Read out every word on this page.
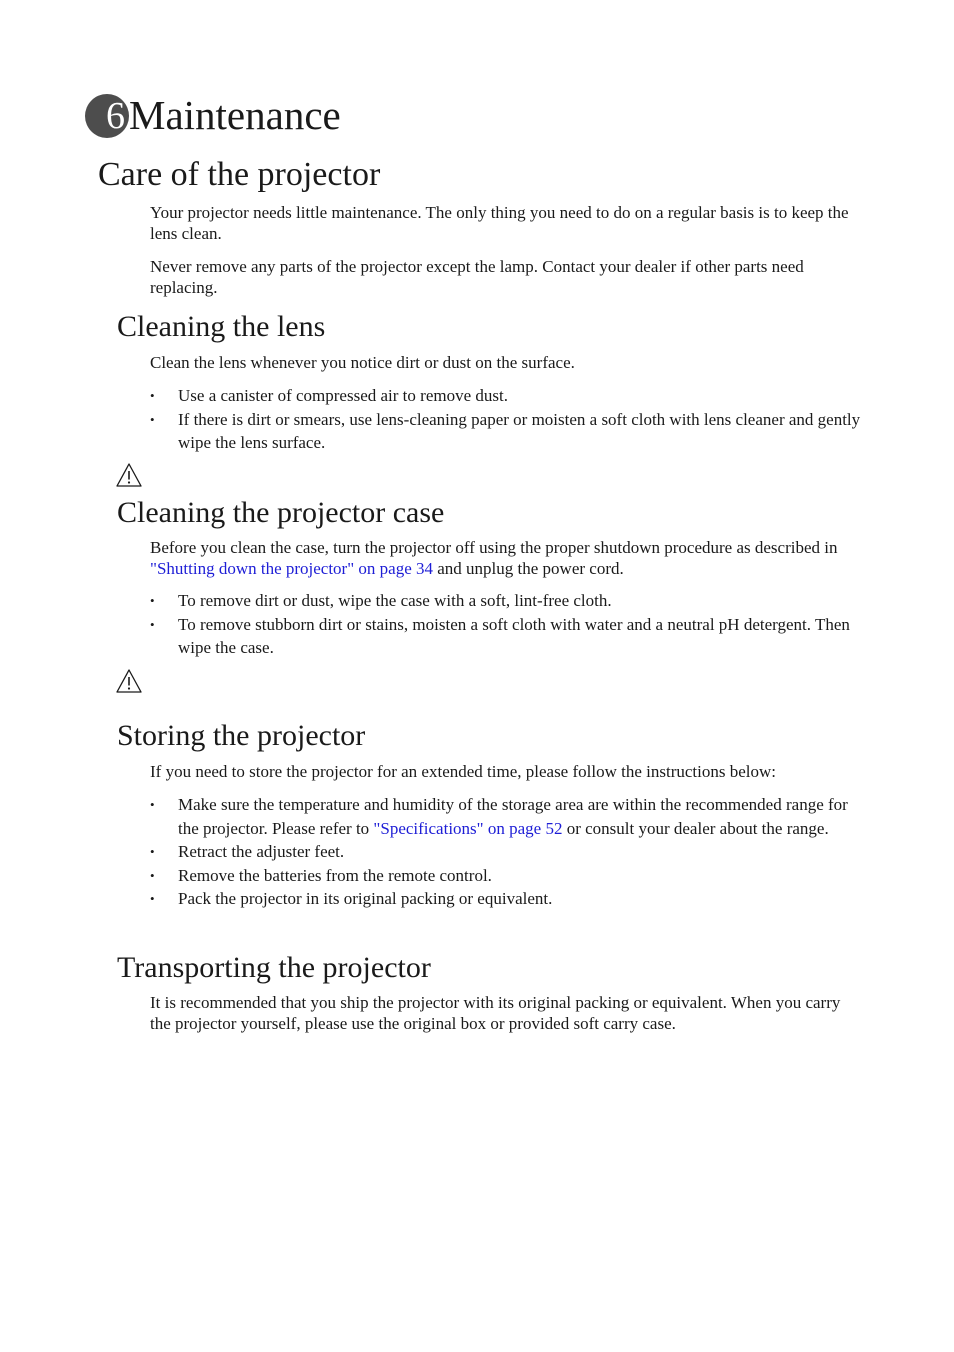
6 Maintenance
Care of the projector
Your projector needs little maintenance. The only thing you need to do on a regular basis is to keep the lens clean.
Never remove any parts of the projector except the lamp. Contact your dealer if other parts need replacing.
Cleaning the lens
Clean the lens whenever you notice dirt or dust on the surface.
• Use a canister of compressed air to remove dust.
• If there is dirt or smears, use lens-cleaning paper or moisten a soft cloth with lens cleaner and gently wipe the lens surface.
Cleaning the projector case
Before you clean the case, turn the projector off using the proper shutdown procedure as described in "Shutting down the projector" on page 34 and unplug the power cord.
• To remove dirt or dust, wipe the case with a soft, lint-free cloth.
• To remove stubborn dirt or stains, moisten a soft cloth with water and a neutral pH detergent. Then wipe the case.
Storing the projector
If you need to store the projector for an extended time, please follow the instructions below:
• Make sure the temperature and humidity of the storage area are within the recommended range for the projector. Please refer to "Specifications" on page 52 or consult your dealer about the range.
• Retract the adjuster feet.
• Remove the batteries from the remote control.
• Pack the projector in its original packing or equivalent.
Transporting the projector
It is recommended that you ship the projector with its original packing or equivalent. When you carry the projector yourself, please use the original box or provided soft carry case.
